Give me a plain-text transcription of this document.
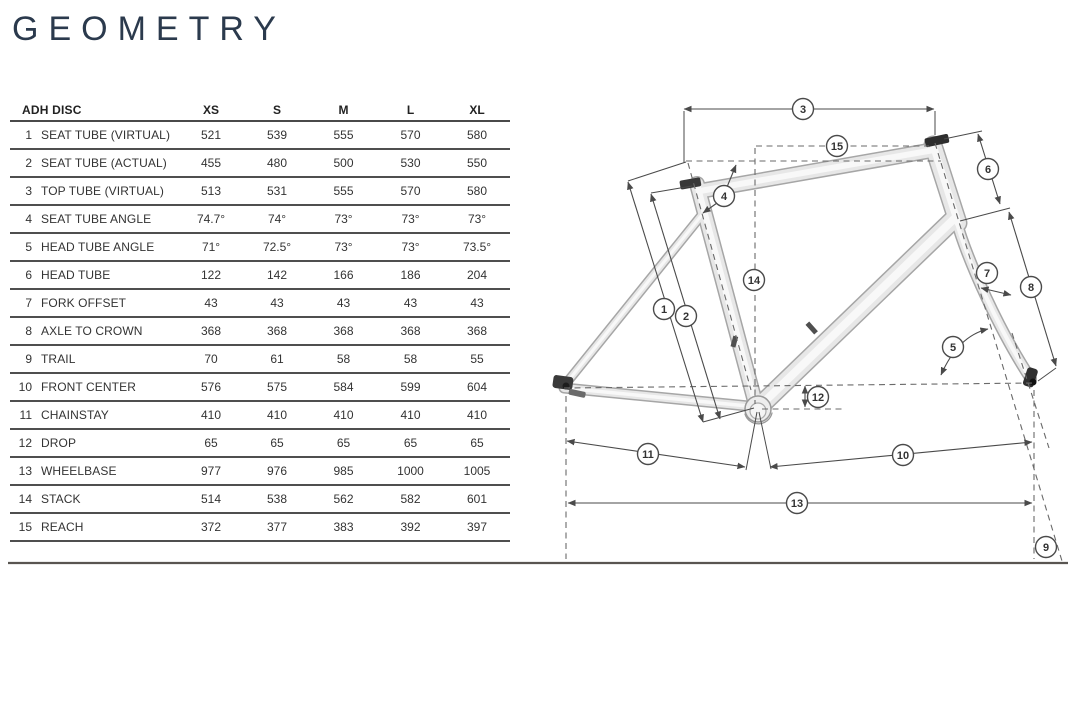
GEOMETRY
ADH DISC		XS	S	M	L	XL
1	SEAT TUBE (VIRTUAL)	521	539	555	570	580
2	SEAT TUBE (ACTUAL)	455	480	500	530	550
3	TOP TUBE (VIRTUAL)	513	531	555	570	580
4	SEAT TUBE ANGLE	74.7°	74°	73°	73°	73°
5	HEAD TUBE ANGLE	71°	72.5°	73°	73°	73.5°
6	HEAD TUBE	122	142	166	186	204
7	FORK OFFSET	43	43	43	43	43
8	AXLE TO CROWN	368	368	368	368	368
9	TRAIL	70	61	58	58	55
10	FRONT CENTER	576	575	584	599	604
11	CHAINSTAY	410	410	410	410	410
12	DROP	65	65	65	65	65
13	WHEELBASE	977	976	985	1000	1005
14	STACK	514	538	562	582	601
15	REACH	372	377	383	392	397
1
2
3
4
5
6
7
8
9
10
11
12
13
14
15
